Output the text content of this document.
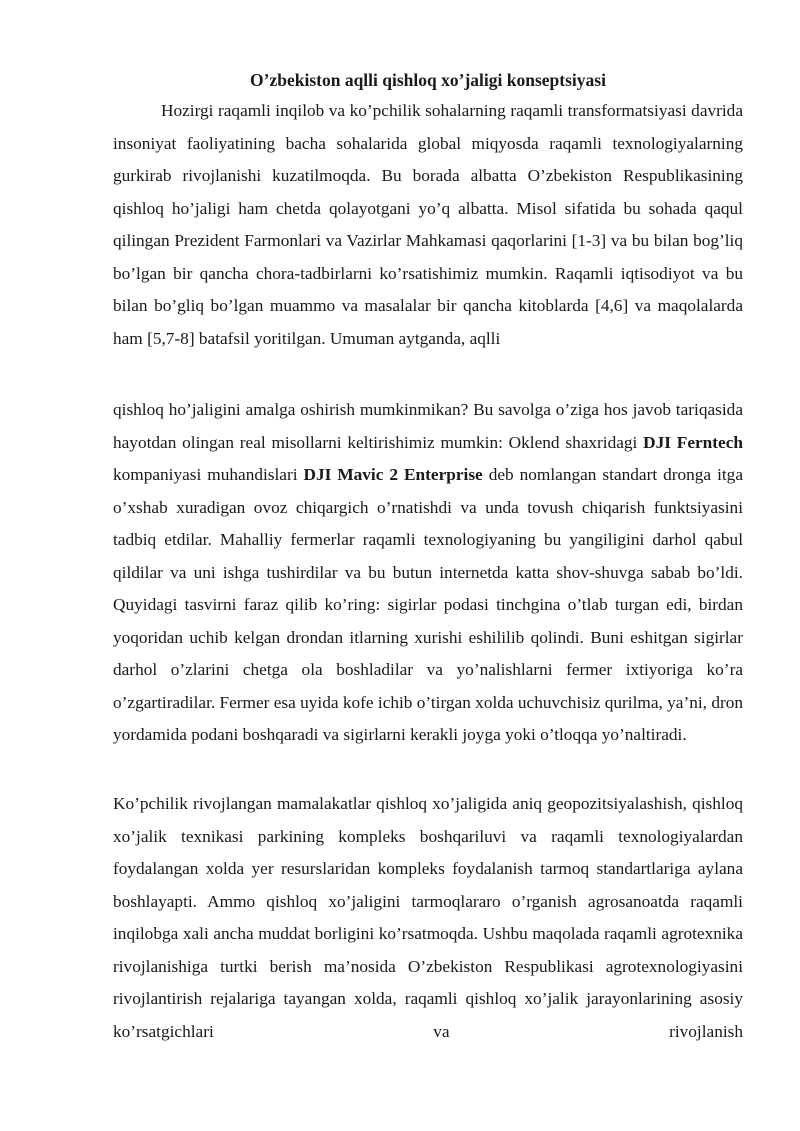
O’zbekiston aqlli qishloq xo’jaligi konseptsiyasi

Hozirgi raqamli inqilob va ko’pchilik sohalarning raqamli transformatsiyasi davrida insoniyat faoliyatining bacha sohalarida global miqyosda raqamli texnologiyalarning gurkirab rivojlanishi kuzatilmoqda. Bu borada albatta O’zbekiston Respublikasining qishloq ho’jaligi ham chetda qolayotgani yo’q albatta. Misol sifatida bu sohada qaqul qilingan Prezident Farmonlari va Vazirlar Mahkamasi qaqorlarini [1-3] va bu bilan bog’liq bo’lgan bir qancha chora-tadbirlarni ko’rsatishimiz mumkin. Raqamli iqtisodiyot va bu bilan bo’gliq bo’lgan muammo va masalalar bir qancha kitoblarda [4,6] va maqolalarda ham [5,7-8] batafsil yoritilgan. Umuman aytganda, aqlli

qishloq ho’jaligini amalga oshirish mumkinmikan? Bu savolga o’ziga hos javob tariqasida hayotdan olingan real misollarni keltirishimiz mumkin: Oklend shaxridagi DJI Ferntech kompaniyasi muhandislari DJI Mavic 2 Enterprise deb nomlangan standart dronga itga o’xshab xuradigan ovoz chiqargich o’rnatishdi va unda tovush chiqarish funktsiyasini tadbiq etdilar. Mahalliy fermerlar raqamli texnologiyaning bu yangiligini darhol qabul qildilar va uni ishga tushirdilar va bu butun internetda katta shov-shuvga sabab bo’ldi. Quyidagi tasvirni faraz qilib ko’ring: sigirlar podasi tinchgina o’tlab turgan edi, birdan yoqoridan uchib kelgan drondan itlarning xurishi eshililib qolindi. Buni eshitgan sigirlar darhol o’zlarini chetga ola boshladilar va yo’nalishlarni fermer ixtiyoriga ko’ra o’zgartiradilar. Fermer esa uyida kofe ichib o’tirgan xolda uchuvchisiz qurilma, ya’ni, dron yordamida podani boshqaradi va sigirlarni kerakli joyga yoki o’tloqqa yo’naltiradi.

Ko’pchilik rivojlangan mamalakatlar qishloq xo’jaligida aniq geopozitsiyalashish, qishloq xo’jalik texnikasi parkining kompleks boshqariluvi va raqamli texnologiyalardan foydalangan xolda yer resurslaridan kompleks foydalanish tarmoq standartlariga aylana boshlayapti. Ammo qishloq xo’jaligini tarmoqlararo o’rganish agrosanoatda raqamli inqilobga xali ancha muddat borligini ko’rsatmoqda. Ushbu maqolada raqamli agrotexnika rivojlanishiga turtki berish ma’nosida O’zbekiston Respublikasi agrotexnologiyasini rivojlantirish rejalariga tayangan xolda, raqamli qishloq xo’jalik jarayonlarining asosiy ko’rsatgichlari va rivojlanish
